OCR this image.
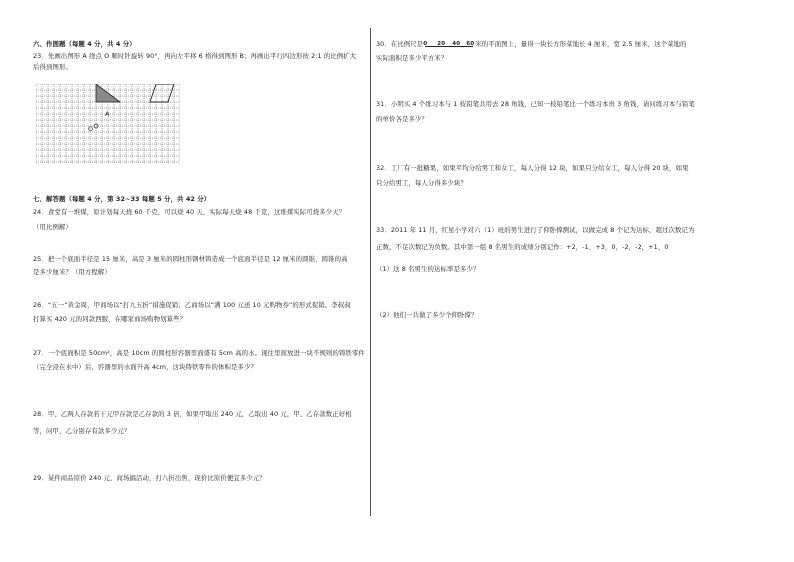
六、作图题（每题 4 分，共 4 分）
23．先画出图形 A 绕点 O 顺时针旋转 90°，再向左平移 6 格得到图形 B；再画出平行四边形按 2:1 的比例扩大
后得到图形。
A
O
七、解答题（每题 4 分，第 32~33 每题 5 分，共 42 分）
24．食堂有一堆煤，原计划每天烧 60 千克，可以烧 40 天，实际每天烧 48 千克，这堆煤实际可烧多少天？
（用比例解）
25．把一个底面半径是 15 厘米，高是 3 厘米的圆柱形钢材铸造成一个底面半径是 12 厘米的圆锥，圆锥的高
是多少厘米？（用方程解）
26．“五一”黄金周，甲商场以“打九五折”措施促销；乙商场以“满 100 元送 10 元购物券”的形式促销。李叔叔
打算买 420 元的同款西服，在哪家商场购物划算些？
27．一个底面积是 50cm²，高是 10cm 的圆柱形容器里面盛有 5cm 高的水。现往里面放进一块不规则的铸铁零件
（完全浸在水中）后，容器里的水面升高 4cm，这块铸铁零件的体积是多少？
28．甲、乙两人存款若干元甲存款是乙存款的 3 倍，如果甲取出 240 元，乙取出 40 元，甲、乙存款数正好相
等，问甲、乙分别存有款多少元？
29．某件商品原价 240 元，商场搞活动，打八折出售，现价比原价便宜多少元？
30．在比例尺是 0 20 40 60 米的平面图上，量得一块长方形菜地长 4 厘米，宽 2.5 厘米，这个菜地的
实际面积是多少平方米？
31．小明买 4 个练习本与 1 枝铅笔共用去 28 角钱，已知一枝铅笔比一个练习本贵 3 角钱，请问练习本与铅笔
的单价各是多少？
32．工厂有一批糖果，如果平均分给男工和女工，每人分得 12 块，如果只分给女工，每人分得 20 块，如果
只分给男工，每人分得多少块？
33．2011 年 11 月，红星小学对六（1）班的男生进行了仰卧撑测试，以做完成 8 个记为达标，超过次数记为
正数，不足次数记为负数。其中第一组 8 名男生的成绩分别记作：+2，-1，+3，0，-2，-2，+1，0
（1）这 8 名男生的达标率是多少？
（2）他们一共做了多少个仰卧撑？
